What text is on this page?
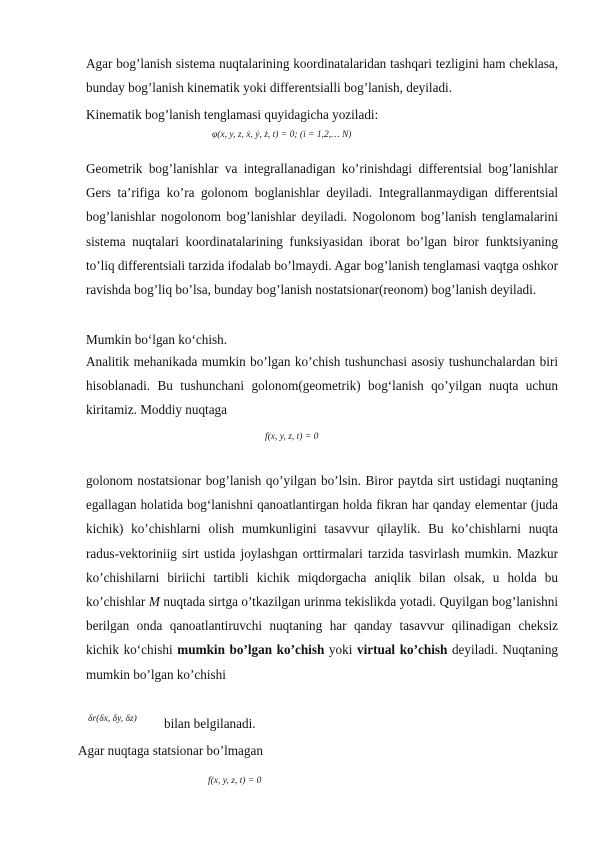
Agar bog’lanish sistema nuqtalarining koordinatalaridan tashqari tezligini ham cheklasa, bunday bog’lanish kinematik yoki differentsialli bog’lanish, deyiladi.

Kinematik bog’lanish tenglamasi quyidagicha yoziladi:

φ(x, y, z, ẋ, ẏ, ż, t) = 0; (i = 1,2,… N)

Geometrik bog’lanishlar va integrallanadigan ko’rinishdagi differentsial bog’lanishlar Gers ta’rifiga ko’ra golonom boglanishlar deyiladi. Integrallanmaydigan differentsial bog’lanishlar nogolonom bog’lanishlar deyiladi. Nogolonom bog’lanish tenglamalarini sistema nuqtalari koordinatalarining funksiyasidan iborat bo’lgan biror funktsiyaning to’liq differentsiali tarzida ifodalab bo’lmaydi. Agar bog’lanish tenglamasi vaqtga oshkor ravishda bog’liq bo’lsa, bunday bog’lanish nostatsionar(reonom) bog’lanish deyiladi.

Mumkin bo‘lgan ko‘chish.

Analitik mehanikada mumkin bo’lgan ko’chish tushunchasi asosiy tushunchalardan biri hisoblanadi. Bu tushunchani golonom(geometrik) bog‘lanish qo’yilgan nuqta uchun kiritamiz. Moddiy nuqtaga

f(x, y, z, t) = 0

golonom nostatsionar bog’lanish qo’yilgan bo’lsin. Biror paytda sirt ustidagi nuqtaning egallagan holatida bog‘lanishni qanoatlantirgan holda fikran har qanday elementar (juda kichik) ko’chishlarni olish mumkunligini tasavvur qilaylik. Bu ko’chishlarni nuqta radus-vektoriniig sirt ustida joylashgan orttirmalari tarzida tasvirlash mumkin. Mazkur ko’chishilarni biriichi tartibli kichik miqdorgacha aniqlik bilan olsak, u holda bu ko’chishlar M nuqtada sirtga o’tkazilgan urinma tekislikda yotadi. Quyilgan bog’lanishni berilgan onda qanoatlantiruvchi nuqtaning har qanday tasavvur qilinadigan cheksiz kichik ko‘chishi mumkin bo’lgan ko’chish yoki virtual ko’chish deyiladi. Nuqtaning mumkin bo’lgan ko’chishi

δr(δx, δy, δz) bilan belgilanadi.

Agar nuqtaga statsionar bo’lmagan

f(x, y, z, t) = 0
